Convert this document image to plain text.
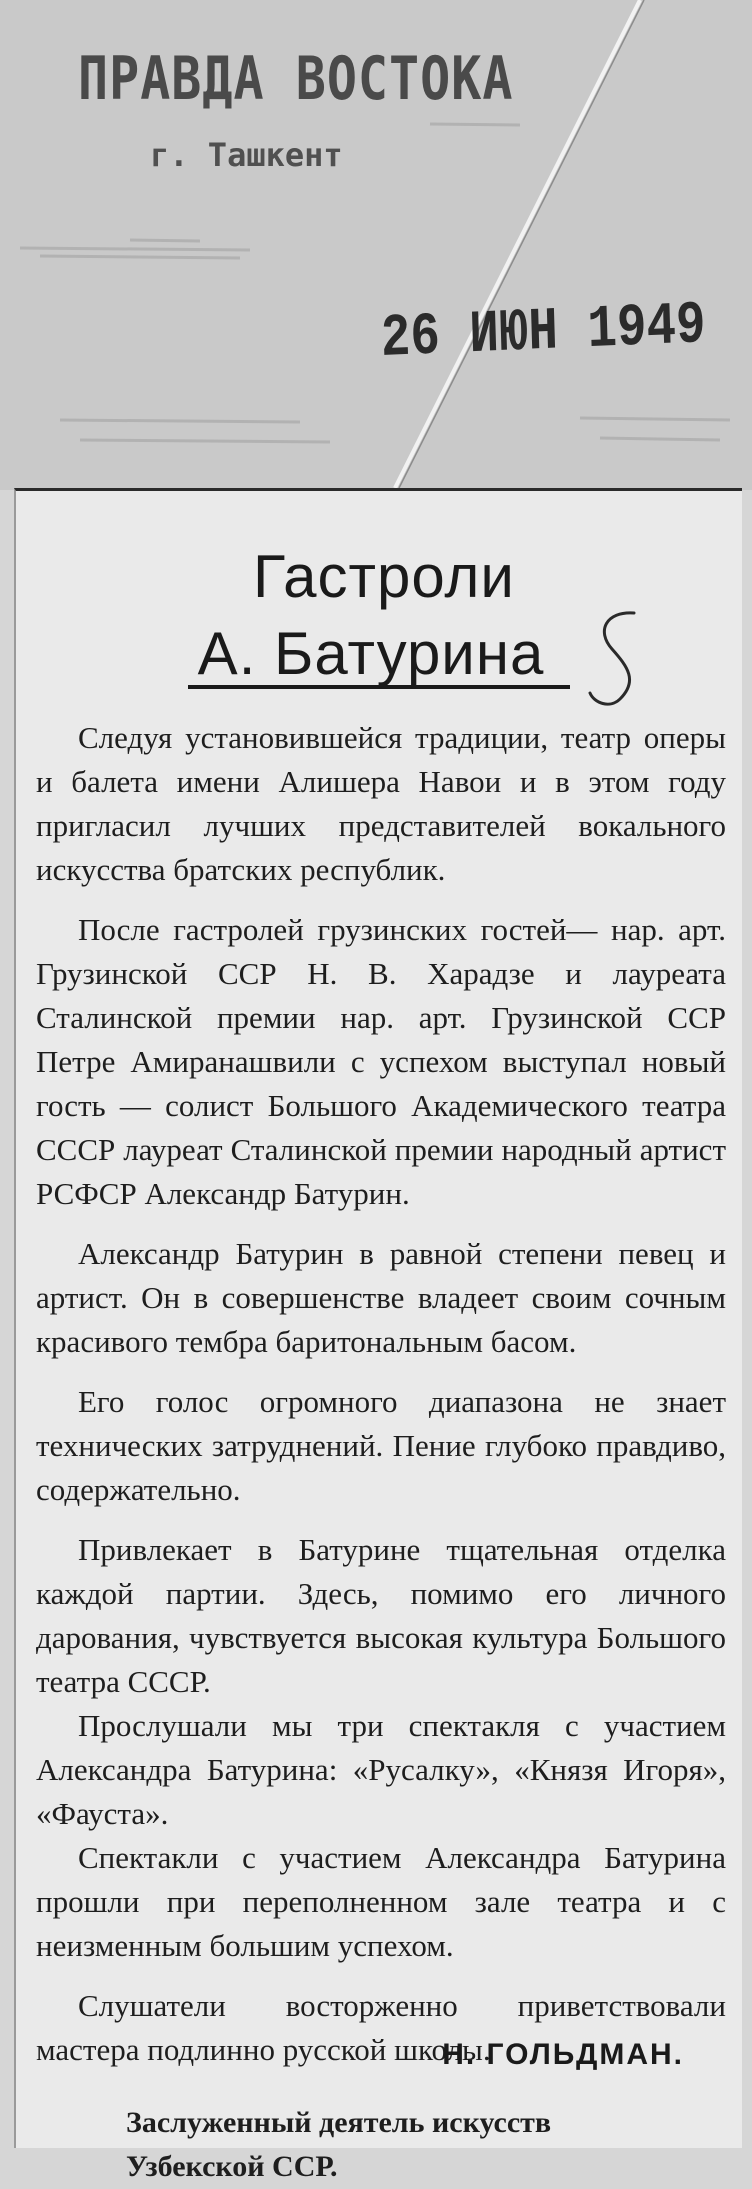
ПРАВДА ВОСТОКА
г. Ташкент
26 ИЮН 1949
Гастроли
А. Батурина

Следуя установившейся традиции, театр оперы и балета имени Алишера Навои и в этом году пригласил лучших представителей вокального искусства братских республик.

После гастролей грузинских гостей— нар. арт. Грузинской ССР Н. В. Харадзе и лауреата Сталинской премии нар. арт. Грузинской ССР Петре Амиранашвили с успехом выступал новый гость — солист Большого Академического театра СССР лауреат Сталинской премии народный артист РСФСР Александр Батурин.

Александр Батурин в равной степени певец и артист. Он в совершенстве владеет своим сочным красивого тембра баритональным басом.

Его голос огромного диапазона не знает технических затруднений. Пение глубоко правдиво, содержательно.

Привлекает в Батурине тщательная отделка каждой партии. Здесь, помимо его личного дарования, чувствуется высокая культура Большого театра СССР.

Прослушали мы три спектакля с участием Александра Батурина: «Русалку», «Князя Игоря», «Фауста».

Спектакли с участием Александра Батурина прошли при переполненном зале театра и с неизменным большим успехом.

Слушатели восторженно приветствовали мастера подлинно русской школы.

Н. ГОЛЬДМАН.
Заслуженный деятель искусств
Узбекской ССР.
